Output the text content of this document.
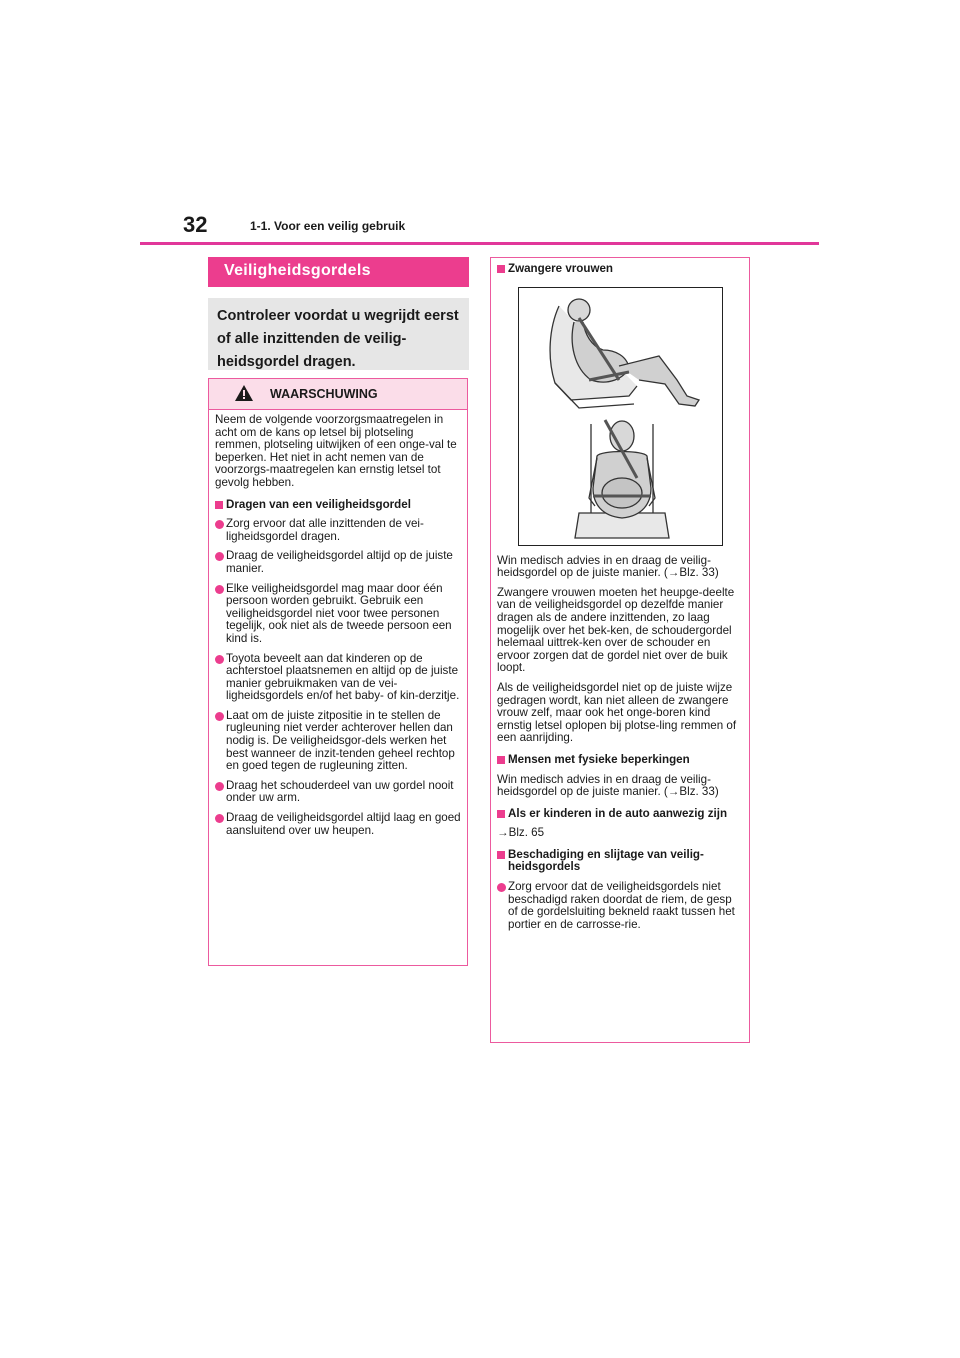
32	1-1. Voor een veilig gebruik
Veiligheidsgordels
Controleer voordat u wegrijdt eerst of alle inzittenden de veilig-heidsgordel dragen.
WAARSCHUWING

Neem de volgende voorzorgsmaatregelen in acht om de kans op letsel bij plotseling remmen, plotseling uitwijken of een onge-val te beperken. Het niet in acht nemen van de voorzorgs-maatregelen kan ernstig letsel tot gevolg hebben.

Dragen van een veiligheidsgordel

Zorg ervoor dat alle inzittenden de vei-ligheidsgordel dragen.

Draag de veiligheidsgordel altijd op de juiste manier.

Elke veiligheidsgordel mag maar door één persoon worden gebruikt. Gebruik een veiligheidsgordel niet voor twee personen tegelijk, ook niet als de tweede persoon een kind is.

Toyota beveelt aan dat kinderen op de achterstoel plaatsnemen en altijd op de juiste manier gebruikmaken van de vei-ligheidsgordels en/of het baby- of kin-derzitje.

Laat om de juiste zitpositie in te stellen de rugleuning niet verder achterover hellen dan nodig is. De veiligheidsgor-dels werken het best wanneer de inzit-tenden geheel rechtop en goed tegen de rugleuning zitten.

Draag het schouderdeel van uw gordel nooit onder uw arm.

Draag de veiligheidsgordel altijd laag en goed aansluitend over uw heupen.

Zwangere vrouwen

Win medisch advies in en draag de veilig-heidsgordel op de juiste manier. (→Blz. 33)

Zwangere vrouwen moeten het heupge-deelte van de veiligheidsgordel op dezelfde manier dragen als de andere inzittenden, zo laag mogelijk over het bek-ken, de schoudergordel helemaal uittrek-ken over de schouder en ervoor zorgen dat de gordel niet over de buik loopt.

Als de veiligheidsgordel niet op de juiste wijze gedragen wordt, kan niet alleen de zwangere vrouw zelf, maar ook het onge-boren kind ernstig letsel oplopen bij plotse-ling remmen of een aanrijding.

Mensen met fysieke beperkingen

Win medisch advies in en draag de veilig-heidsgordel op de juiste manier. (→Blz. 33)

Als er kinderen in de auto aanwezig zijn

→Blz. 65

Beschadiging en slijtage van veilig-heidsgordels

Zorg ervoor dat de veiligheidsgordels niet beschadigd raken doordat de riem, de gesp of de gordelsluiting bekneld raakt tussen het portier en de carrosse-rie.
